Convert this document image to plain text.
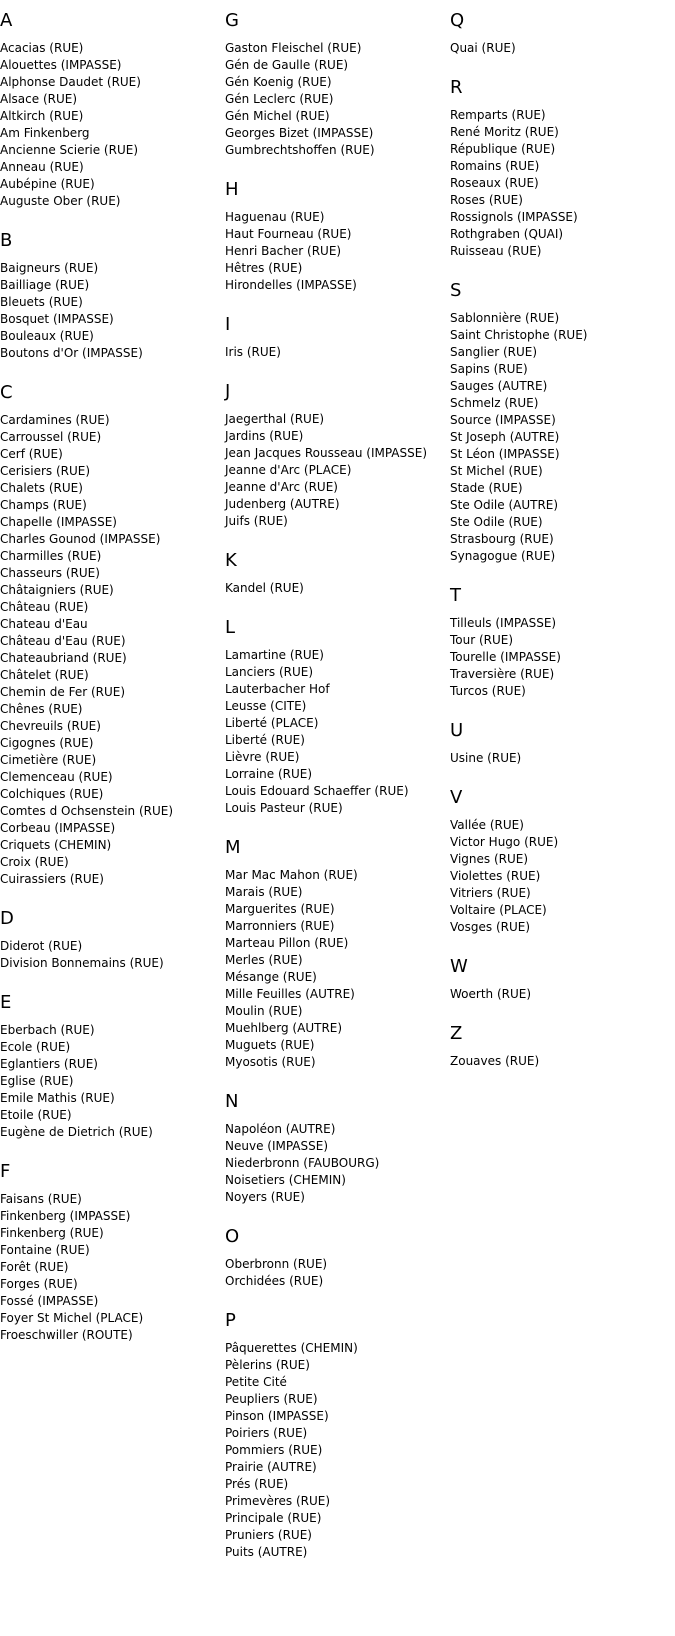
A
Acacias (RUE)
Alouettes (IMPASSE)
Alphonse Daudet (RUE)
Alsace (RUE)
Altkirch (RUE)
Am Finkenberg
Ancienne Scierie (RUE)
Anneau (RUE)
Aubépine (RUE)
Auguste Ober (RUE)
B
Baigneurs (RUE)
Bailliage (RUE)
Bleuets (RUE)
Bosquet (IMPASSE)
Bouleaux (RUE)
Boutons d'Or (IMPASSE)
C
Cardamines (RUE)
Carroussel (RUE)
Cerf (RUE)
Cerisiers (RUE)
Chalets (RUE)
Champs (RUE)
Chapelle (IMPASSE)
Charles Gounod (IMPASSE)
Charmilles (RUE)
Chasseurs (RUE)
Châtaigniers (RUE)
Château (RUE)
Chateau d'Eau
Château d'Eau (RUE)
Chateaubriand (RUE)
Châtelet (RUE)
Chemin de Fer (RUE)
Chênes (RUE)
Chevreuils (RUE)
Cigognes (RUE)
Cimetière (RUE)
Clemenceau (RUE)
Colchiques (RUE)
Comtes d Ochsenstein (RUE)
Corbeau (IMPASSE)
Criquets (CHEMIN)
Croix (RUE)
Cuirassiers (RUE)
D
Diderot (RUE)
Division Bonnemains (RUE)
E
Eberbach (RUE)
Ecole (RUE)
Eglantiers (RUE)
Eglise (RUE)
Emile Mathis (RUE)
Etoile (RUE)
Eugène de Dietrich (RUE)
F
Faisans (RUE)
Finkenberg (IMPASSE)
Finkenberg (RUE)
Fontaine (RUE)
Forêt (RUE)
Forges (RUE)
Fossé (IMPASSE)
Foyer St Michel (PLACE)
Froeschwiller (ROUTE)
G
Gaston Fleischel (RUE)
Gén de Gaulle (RUE)
Gén Koenig (RUE)
Gén Leclerc (RUE)
Gén Michel (RUE)
Georges Bizet (IMPASSE)
Gumbrechtshoffen (RUE)
H
Haguenau (RUE)
Haut Fourneau (RUE)
Henri Bacher (RUE)
Hêtres (RUE)
Hirondelles (IMPASSE)
I
Iris (RUE)
J
Jaegerthal (RUE)
Jardins (RUE)
Jean Jacques Rousseau (IMPASSE)
Jeanne d'Arc (PLACE)
Jeanne d'Arc (RUE)
Judenberg (AUTRE)
Juifs (RUE)
K
Kandel (RUE)
L
Lamartine (RUE)
Lanciers (RUE)
Lauterbacher Hof
Leusse (CITE)
Liberté (PLACE)
Liberté (RUE)
Lièvre (RUE)
Lorraine (RUE)
Louis Edouard Schaeffer (RUE)
Louis Pasteur (RUE)
M
Mar Mac Mahon (RUE)
Marais (RUE)
Marguerites (RUE)
Marronniers (RUE)
Marteau Pillon (RUE)
Merles (RUE)
Mésange (RUE)
Mille Feuilles (AUTRE)
Moulin (RUE)
Muehlberg (AUTRE)
Muguets (RUE)
Myosotis (RUE)
N
Napoléon (AUTRE)
Neuve (IMPASSE)
Niederbronn (FAUBOURG)
Noisetiers (CHEMIN)
Noyers (RUE)
O
Oberbronn (RUE)
Orchidées (RUE)
P
Pâquerettes (CHEMIN)
Pèlerins (RUE)
Petite Cité
Peupliers (RUE)
Pinson (IMPASSE)
Poiriers (RUE)
Pommiers (RUE)
Prairie (AUTRE)
Prés (RUE)
Primevères (RUE)
Principale (RUE)
Pruniers (RUE)
Puits (AUTRE)
Q
Quai (RUE)
R
Remparts (RUE)
René Moritz (RUE)
République (RUE)
Romains (RUE)
Roseaux (RUE)
Roses (RUE)
Rossignols (IMPASSE)
Rothgraben (QUAI)
Ruisseau (RUE)
S
Sablonnière (RUE)
Saint Christophe (RUE)
Sanglier (RUE)
Sapins (RUE)
Sauges (AUTRE)
Schmelz (RUE)
Source (IMPASSE)
St Joseph (AUTRE)
St Léon (IMPASSE)
St Michel (RUE)
Stade (RUE)
Ste Odile (AUTRE)
Ste Odile (RUE)
Strasbourg (RUE)
Synagogue (RUE)
T
Tilleuls (IMPASSE)
Tour (RUE)
Tourelle (IMPASSE)
Traversière (RUE)
Turcos (RUE)
U
Usine (RUE)
V
Vallée (RUE)
Victor Hugo (RUE)
Vignes (RUE)
Violettes (RUE)
Vitriers (RUE)
Voltaire (PLACE)
Vosges (RUE)
W
Woerth (RUE)
Z
Zouaves (RUE)
